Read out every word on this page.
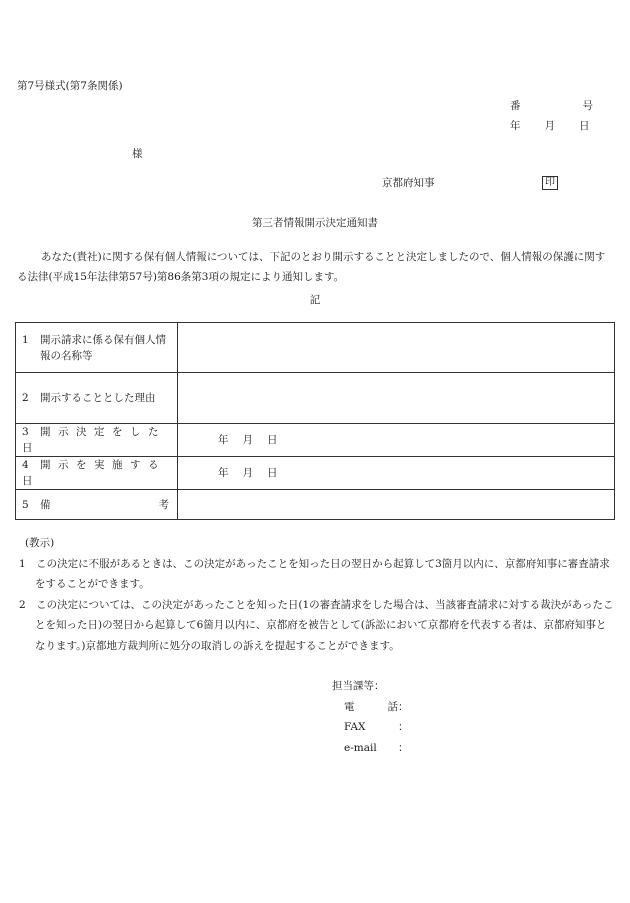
第7号様式(第7条関係)
番	号
年 月 日
様
京都府知事	印
第三者情報開示決定通知書
あなた(貴社)に関する保有個人情報については、下記のとおり開示することと決定しましたので、個人情報の保護に関する法律(平成15年法律第57号)第86条第3項の規定により通知します。
記
1 開示請求に係る保有個人情報の名称等	
2 開示することとした理由	
3 開示決定をした日	年 月 日
4 開示を実施する日	年 月 日

5 備 考	

(教示)
1　この決定に不服があるときは、この決定があったことを知った日の翌日から起算して3箇月以内に、京都府知事に審査請求をすることができます。
2　この決定については、この決定があったことを知った日(1の審査請求をした場合は、当該審査請求に対する裁決があったことを知った日)の翌日から起算して6箇月以内に、京都府を被告として(訴訟において京都府を代表する者は、京都府知事となります。)京都地方裁判所に処分の取消しの訴えを提起することができます。
担当課等：
電話 ：
FAX	：
e-mail	：
